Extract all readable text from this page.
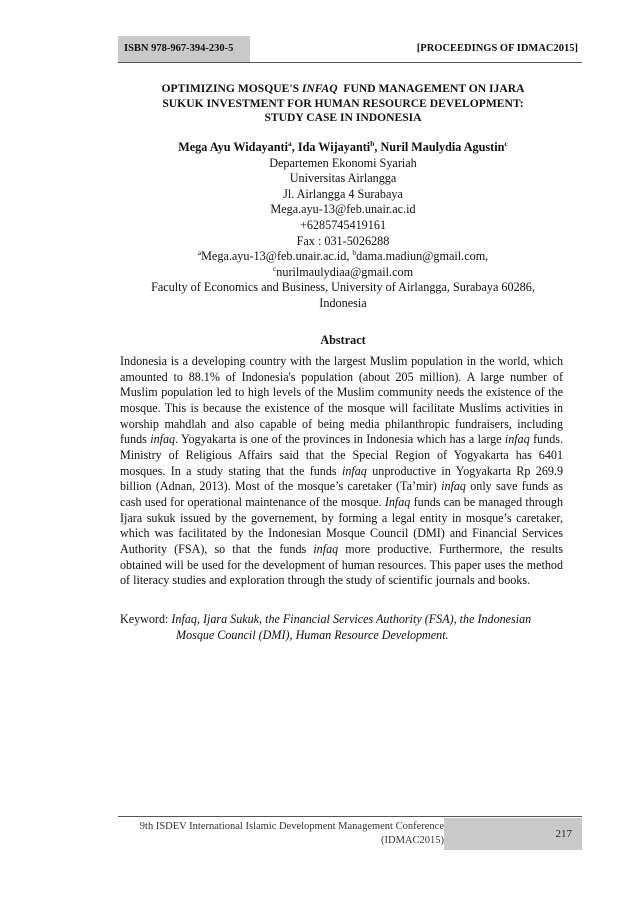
ISBN 978-967-394-230-5	[PROCEEDINGS OF IDMAC2015]
OPTIMIZING MOSQUE'S INFAQ  FUND MANAGEMENT ON IJARA
SUKUK INVESTMENT FOR HUMAN RESOURCE DEVELOPMENT:
STUDY CASE IN INDONESIA
Mega Ayu Widayanti$^a$, Ida Wijayanti$^b$, Nuril Maulydia Agustin$^c$
Departemen Ekonomi Syariah
Universitas Airlangga
Jl. Airlangga 4 Surabaya
Mega.ayu-13@feb.unair.ac.id
+6285745419161
Fax : 031-5026288
$^a$Mega.ayu-13@feb.unair.ac.id, $^b$dama.madiun@gmail.com,
$^c$nurilmaulydiaa@gmail.com
Faculty of Economics and Business, University of Airlangga, Surabaya 60286,
Indonesia
Abstract
Indonesia is a developing country with the largest Muslim population in the world, which amounted to 88.1% of Indonesia's population (about 205 million). A large number of Muslim population led to high levels of the Muslim community needs the existence of the mosque. This is because the existence of the mosque will facilitate Muslims activities in worship mahdlah and also capable of being media philanthropic fundraisers, including funds infaq. Yogyakarta is one of the provinces in Indonesia which has a large infaq funds. Ministry of Religious Affairs said that the Special Region of Yogyakarta has 6401 mosques. In a study stating that the funds infaq unproductive in Yogyakarta Rp 269.9 billion (Adnan, 2013). Most of the mosque’s caretaker (Ta’mir) infaq only save funds as cash used for operational maintenance of the mosque. Infaq funds can be managed through Ijara sukuk issued by the governement, by forming a legal entity in mosque’s caretaker, which was facilitated by the Indonesian Mosque Council (DMI) and Financial Services Authority (FSA), so that the funds infaq more productive. Furthermore, the results obtained will be used for the development of human resources. This paper uses the method of literacy studies and exploration through the study of scientific journals and books.
Keyword: Infaq, Ijara Sukuk, the Financial Services Authority (FSA), the Indonesian
Mosque Council (DMI), Human Resource Development.
9th ISDEV International Islamic Development Management Conference
(IDMAC2015)
217
